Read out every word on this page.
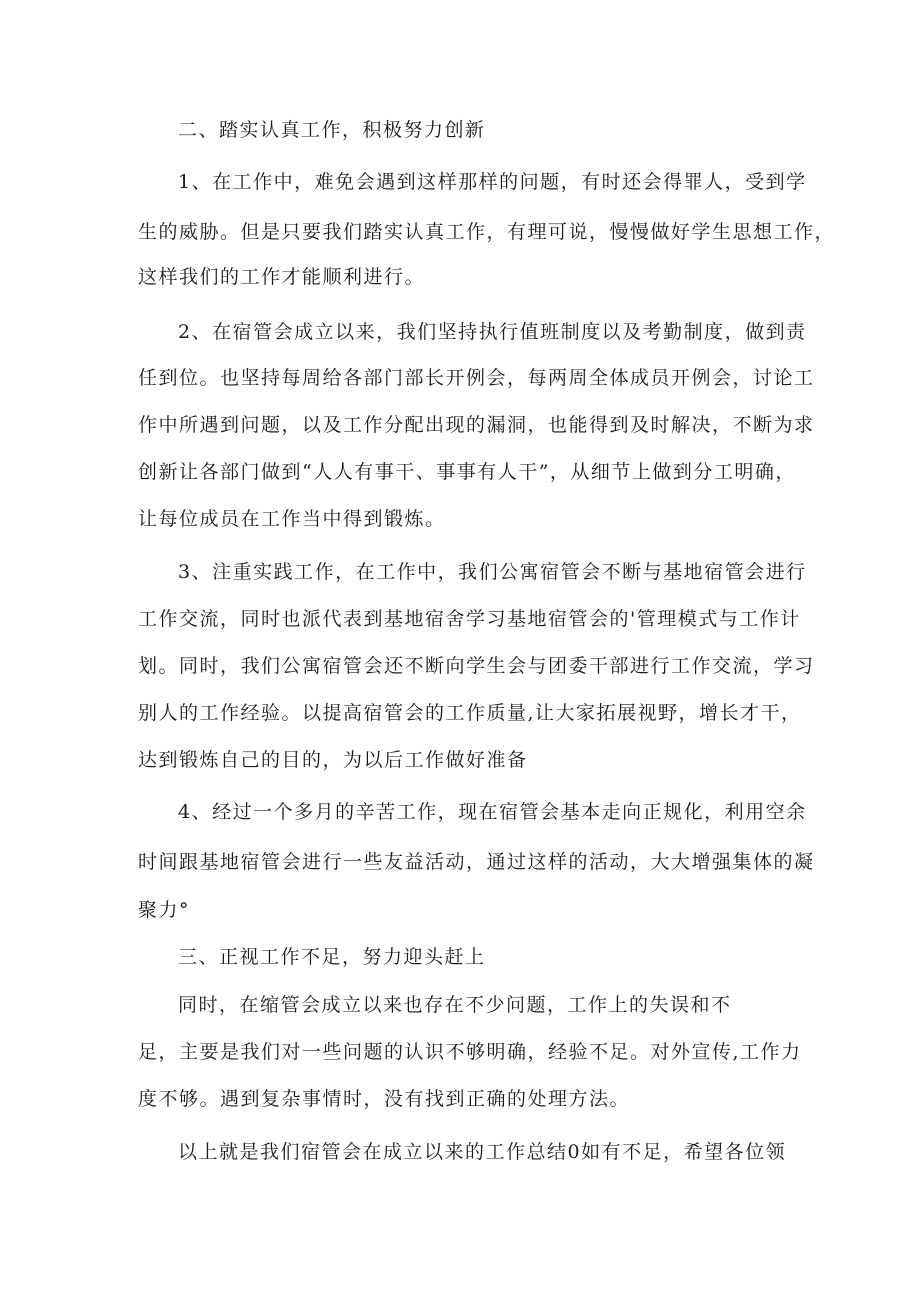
二、踏实认真工作，积极努力创新
1、在工作中，难免会遇到这样那样的问题，有时还会得罪人，受到学
生的威胁。但是只要我们踏实认真工作，有理可说，慢慢做好学生思想工作，
这样我们的工作才能顺利进行。
2、在宿管会成立以来，我们坚持执行值班制度以及考勤制度，做到责
任到位。也坚持每周给各部门部长开例会，每两周全体成员开例会，讨论工
作中所遇到问题，以及工作分配出现的漏洞，也能得到及时解决，不断为求
创新让各部门做到“人人有事干、事事有人干”，从细节上做到分工明确，
让每位成员在工作当中得到锻炼。
3、注重实践工作，在工作中，我们公寓宿管会不断与基地宿管会进行
工作交流，同时也派代表到基地宿舍学习基地宿管会的'管理模式与工作计
划。同时，我们公寓宿管会还不断向学生会与团委干部进行工作交流，学习
别人的工作经验。以提高宿管会的工作质量,让大家拓展视野，增长才干，
达到锻炼自己的目的，为以后工作做好准备
4、经过一个多月的辛苦工作，现在宿管会基本走向正规化，利用空余
时间跟基地宿管会进行一些友益活动，通过这样的活动，大大增强集体的凝
聚力°
三、正视工作不足，努力迎头赶上
同时，在缩管会成立以来也存在不少问题，工作上的失误和不
足，主要是我们对一些问题的认识不够明确，经验不足。对外宣传,工作力
度不够。遇到复杂事情时，没有找到正确的处理方法。
以上就是我们宿管会在成立以来的工作总结0如有不足，希望各位领
